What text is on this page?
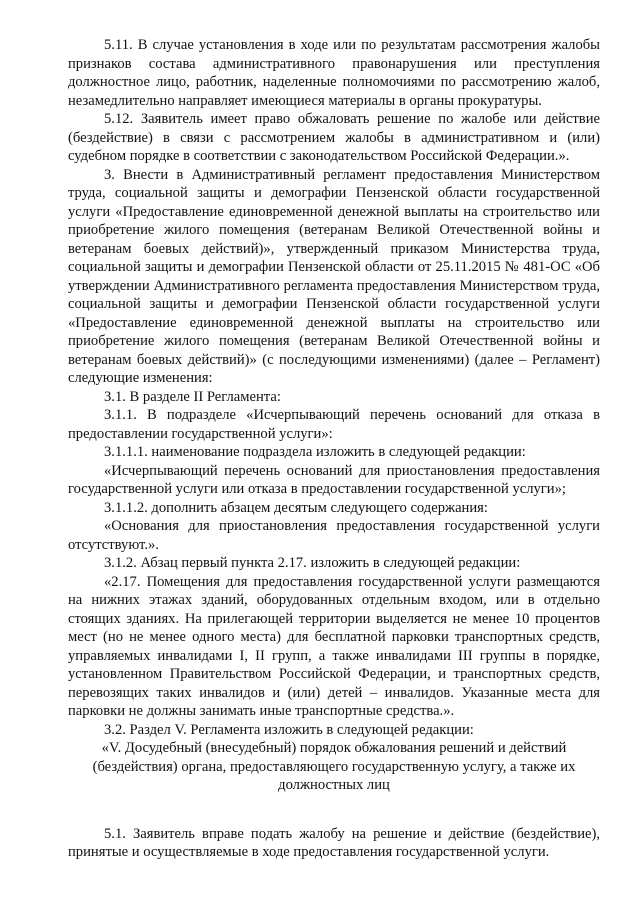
5.11. В случае установления в ходе или по результатам рассмотрения жалобы признаков состава административного правонарушения или преступления должностное лицо, работник, наделенные полномочиями по рассмотрению жалоб, незамедлительно направляет имеющиеся материалы в органы прокуратуры.

5.12. Заявитель имеет право обжаловать решение по жалобе или действие (бездействие) в связи с рассмотрением жалобы в административном и (или) судебном порядке в соответствии с законодательством Российской Федерации.».

3. Внести в Административный регламент предоставления Министерством труда, социальной защиты и демографии Пензенской области государственной услуги «Предоставление единовременной денежной выплаты на строительство или приобретение жилого помещения (ветеранам Великой Отечественной войны и ветеранам боевых действий)», утвержденный приказом Министерства труда, социальной защиты и демографии Пензенской области от 25.11.2015 № 481-ОС «Об утверждении Административного регламента предоставления Министерством труда, социальной защиты и демографии Пензенской области государственной услуги «Предоставление единовременной денежной выплаты на строительство или приобретение жилого помещения (ветеранам Великой Отечественной войны и ветеранам боевых действий)» (с последующими изменениями) (далее – Регламент) следующие изменения:

3.1. В разделе II Регламента:

3.1.1. В подразделе «Исчерпывающий перечень оснований для отказа в предоставлении государственной услуги»:

3.1.1.1. наименование подраздела изложить в следующей редакции:

«Исчерпывающий перечень оснований для приостановления предоставления государственной услуги или отказа в предоставлении государственной услуги»;

3.1.1.2. дополнить абзацем десятым следующего содержания:

«Основания для приостановления предоставления государственной услуги отсутствуют.».

3.1.2. Абзац первый пункта 2.17. изложить в следующей редакции:

«2.17. Помещения для предоставления государственной услуги размещаются на нижних этажах зданий, оборудованных отдельным входом, или в отдельно стоящих зданиях. На прилегающей территории выделяется не менее 10 процентов мест (но не менее одного места) для бесплатной парковки транспортных средств, управляемых инвалидами I, II групп, а также инвалидами III группы в порядке, установленном Правительством Российской Федерации, и транспортных средств, перевозящих таких инвалидов и (или) детей – инвалидов. Указанные места для парковки не должны занимать иные транспортные средства.».

3.2. Раздел V. Регламента изложить в следующей редакции:

«V. Досудебный (внесудебный) порядок обжалования решений и действий (бездействия) органа, предоставляющего государственную услугу, а также их должностных лиц

5.1. Заявитель вправе подать жалобу на решение и действие (бездействие), принятые и осуществляемые в ходе предоставления государственной услуги.
